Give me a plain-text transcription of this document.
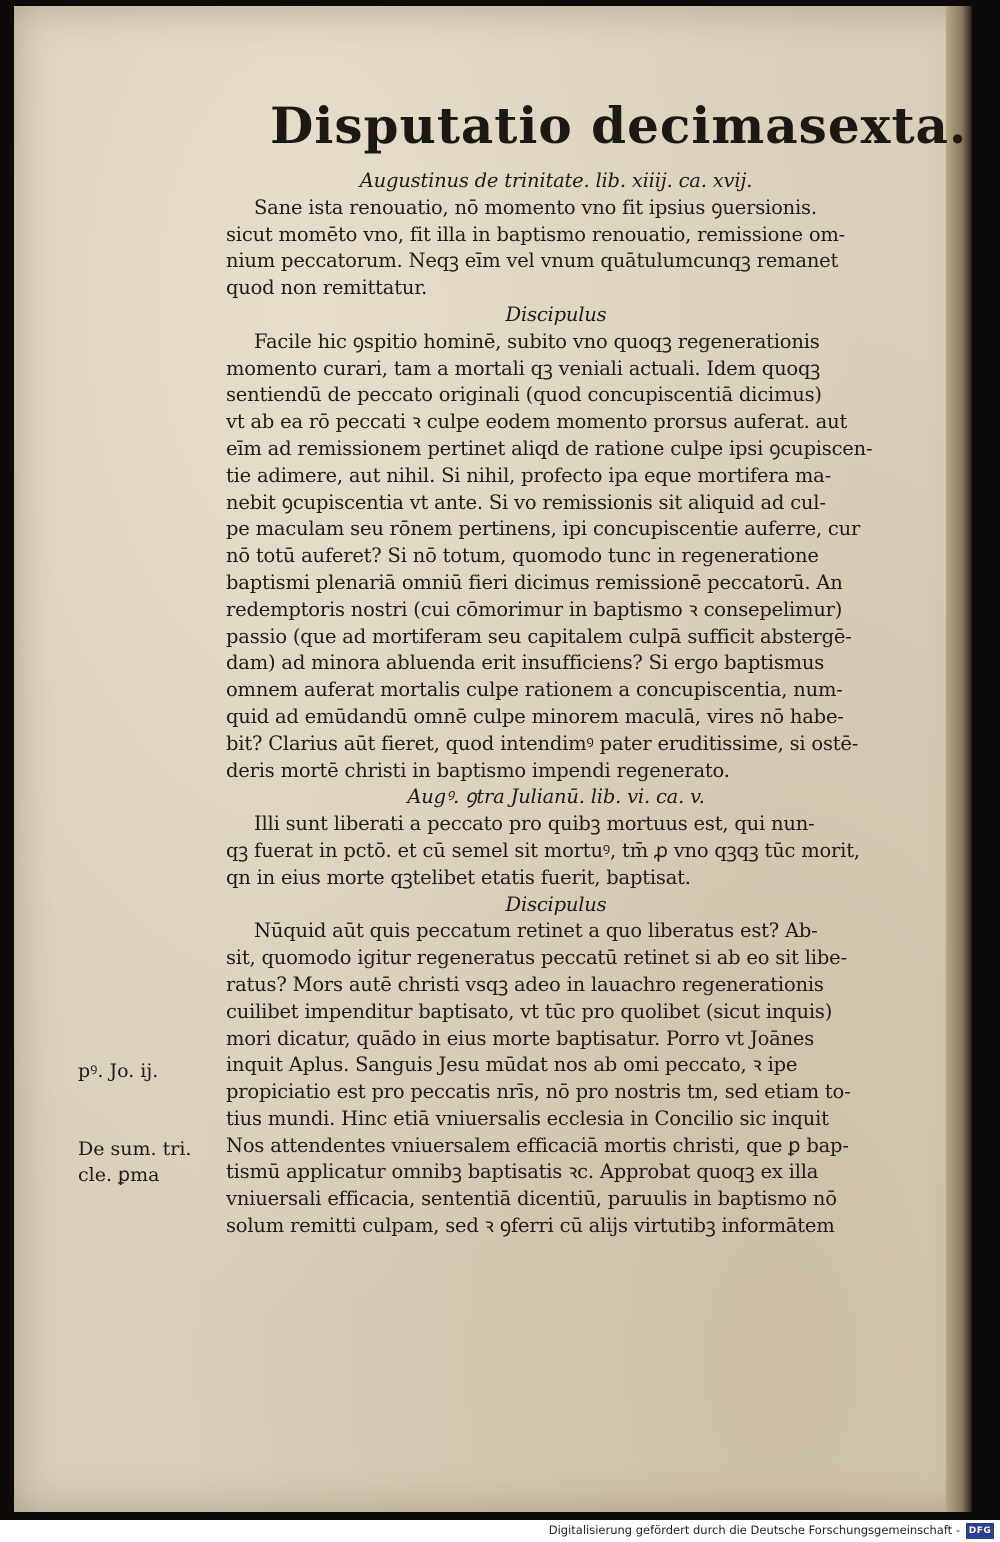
Disputatio decimasexta.
Augustinus de trinitate. lib. xiiij. ca. xvij.
Sane ista renouatio, nō momento vno fit ipsius ꝯuersionis.
sicut momēto vno, fit illa in baptismo renouatio, remissione om-
nium peccatorum. Neqꝫ eīm vel vnum quātulumcunqꝫ remanet
quod non remittatur.
Discipulus
Facile hic ꝯspitio hominē, subito vno quoqꝫ regenerationis
momento curari, tam a mortali qꝫ veniali actuali. Idem quoqꝫ
sentiendū de peccato originali (quod concupiscentiā dicimus)
vt ab ea rō peccati ꝛ culpe eodem momento prorsus auferat. aut
eīm ad remissionem pertinet aliqd de ratione culpe ipsi ꝯcupiscen-
tie adimere, aut nihil. Si nihil, profecto ipa eque mortifera ma-
nebit ꝯcupiscentia vt ante. Si vo remissionis sit aliquid ad cul-
pe maculam seu rōnem pertinens, ipi concupiscentie auferre, cur
nō totū auferet? Si nō totum, quomodo tunc in regeneratione
baptismi plenariā omniū fieri dicimus remissionē peccatorū. An
redemptoris nostri (cui cōmorimur in baptismo ꝛ consepelimur)
passio (que ad mortiferam seu capitalem culpā sufficit abstergē-
dam) ad minora abluenda erit insufficiens? Si ergo baptismus
omnem auferat mortalis culpe rationem a concupiscentia, num-
quid ad emūdandū omnē culpe minorem maculā, vires nō habe-
bit? Clarius aūt fieret, quod intendimꝰ pater eruditissime, si ostē-
deris mortē christi in baptismo impendi regenerato.
Augꝰ. ꝯtra Julianū. lib. vi. ca. v.
Illi sunt liberati a peccato pro quibꝫ mortuus est, qui nun-
qꝫ fuerat in pctō. et cū semel sit mortuꝰ, tm̄ ꝓ vno qꝫqꝫ tūc morit,
qn in eius morte qꝫtelibet etatis fuerit, baptisat.
Discipulus
Nūquid aūt quis peccatum retinet a quo liberatus est? Ab-
sit, quomodo igitur regeneratus peccatū retinet si ab eo sit libe-
ratus? Mors autē christi vsqꝫ adeo in lauachro regenerationis
cuilibet impenditur baptisato, vt tūc pro quolibet (sicut inquis)
mori dicatur, quādo in eius morte baptisatur. Porro vt Joānes
inquit Aplus. Sanguis Jesu mūdat nos ab omi peccato, ꝛ ipe
propiciatio est pro peccatis nrīs, nō pro nostris tm, sed etiam to-
tius mundi. Hinc etiā vniuersalis ecclesia in Concilio sic inquit
Nos attendentes vniuersalem efficaciā mortis christi, que ꝑ bap-
tismū applicatur omnibꝫ baptisatis ꝛc. Approbat quoqꝫ ex illa
vniuersali efficacia, sententiā dicentiū, paruulis in baptismo nō
solum remitti culpam, sed ꝛ ꝯferri cū alijs virtutibꝫ informātem
pꝰ. Jo. ij.
De sum. tri.
cle. ꝑma
Digitalisierung gefördert durch die Deutsche Forschungsgemeinschaft - DFG
